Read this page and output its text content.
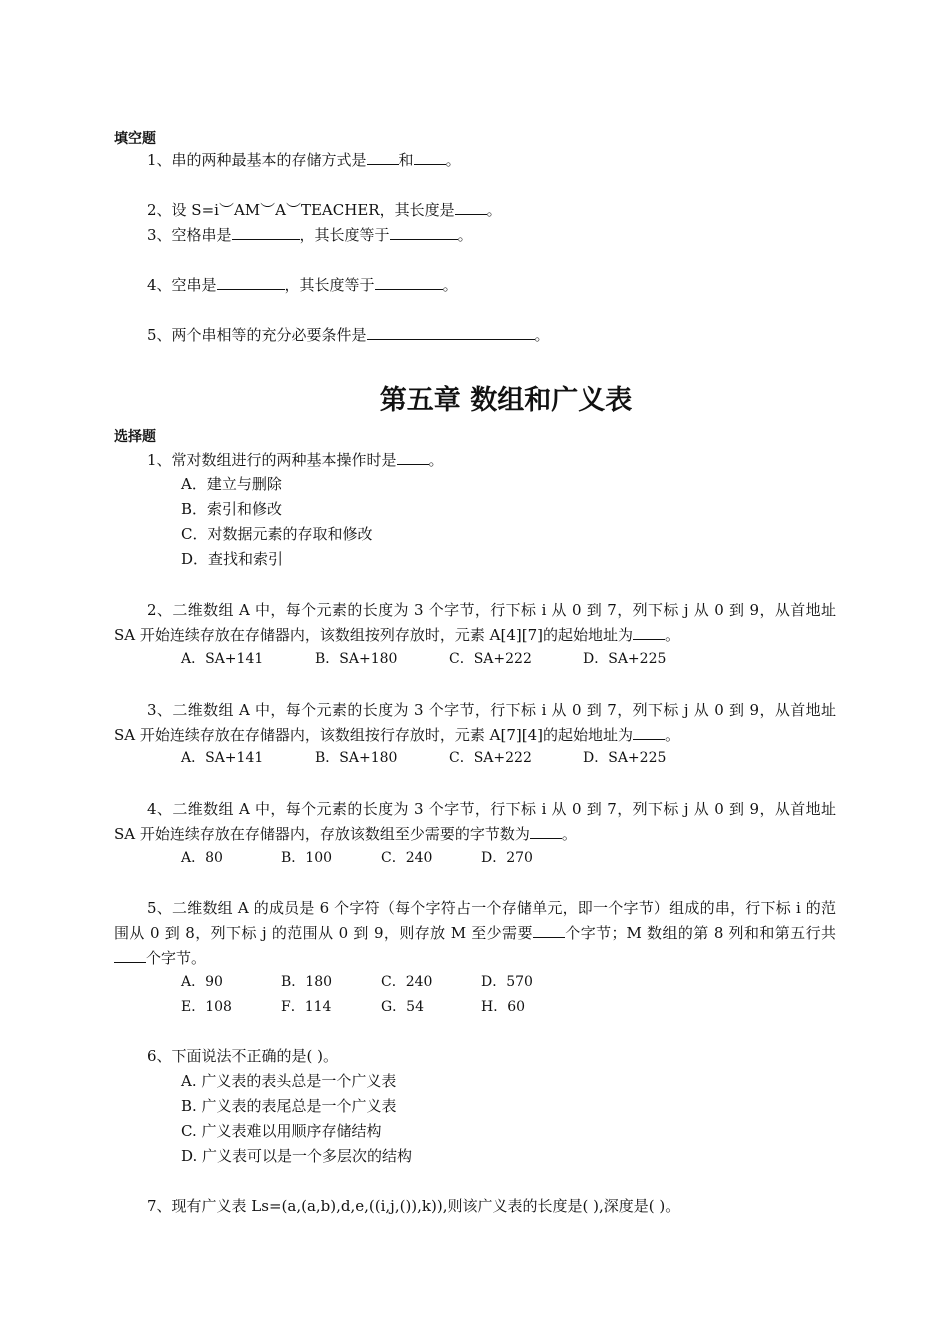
填空题
1、串的两种最基本的存储方式是 和 。
2、设 S=i︶AM︶A︶TEACHER，其长度是 。
3、空格串是	，其长度等于	。
4、空串是	，其长度等于	。
5、两个串相等的充分必要条件是	。
第五章 数组和广义表
选择题
1、常对数组进行的两种基本操作时是 。
A．建立与删除
B．索引和修改
C．对数据元素的存取和修改
D．查找和索引
2、二维数组 A 中，每个元素的长度为 3 个字节，行下标 i 从 0 到 7，列下标 j 从 0 到 9，从首地址 SA 开始连续存放在存储器内，该数组按列存放时，元素 A[4][7]的起始地址为 。
A．SA+141	B．SA+180	C．SA+222	D．SA+225
3、二维数组 A 中，每个元素的长度为 3 个字节，行下标 i 从 0 到 7，列下标 j 从 0 到 9，从首地址 SA 开始连续存放在存储器内，该数组按行存放时，元素 A[7][4]的起始地址为 。
A．SA+141	B．SA+180	C．SA+222	D．SA+225
4、二维数组 A 中，每个元素的长度为 3 个字节，行下标 i 从 0 到 7，列下标 j 从 0 到 9，从首地址 SA 开始连续存放在存储器内，存放该数组至少需要的字节数为 。
A．80	B．100	C．240	D．270
5、二维数组 A 的成员是 6 个字符（每个字符占一个存储单元，即一个字节）组成的串，行下标 i 的范围从 0 到 8，列下标 j 的范围从 0 到 9，则存放 M 至少需要 个字节；M 数组的第 8 列和和第五行共个字节。
A．90	B．180	C．240	D．570
E．108	F．114	G．54	H．60
6、下面说法不正确的是( )。
A. 广义表的表头总是一个广义表
B. 广义表的表尾总是一个广义表
C. 广义表难以用顺序存储结构
D. 广义表可以是一个多层次的结构
7、现有广义表 Ls=(a,(a,b),d,e,((i,j,()),k)),则该广义表的长度是( ),深度是( )。
